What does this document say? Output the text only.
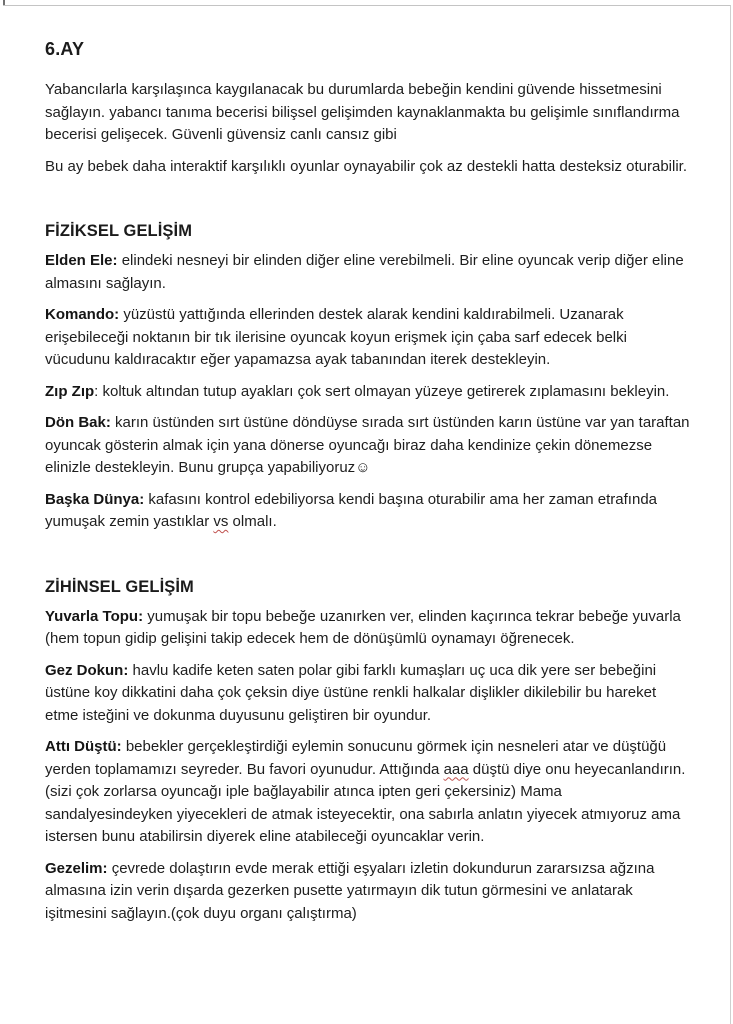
6.AY

Yabancılarla karşılaşınca kaygılanacak bu durumlarda bebeğin kendini güvende hissetmesini sağlayın. yabancı tanıma becerisi bilişsel gelişimden kaynaklanmakta bu gelişimle sınıflandırma becerisi gelişecek. Güvenli güvensiz canlı cansız gibi

Bu ay bebek daha interaktif karşılıklı oyunlar oynayabilir çok az destekli hatta desteksiz oturabilir.

FİZİKSEL GELİŞİM

Elden Ele: elindeki nesneyi bir elinden diğer eline verebilmeli. Bir eline oyuncak verip diğer eline almasını sağlayın.

Komando: yüzüstü yattığında ellerinden destek alarak kendini kaldırabilmeli. Uzanarak erişebileceği noktanın bir tık ilerisine oyuncak koyun erişmek için çaba sarf edecek belki vücudunu kaldıracaktır eğer yapamazsa ayak tabanından iterek destekleyin.

Zıp Zıp: koltuk altından tutup ayakları çok sert olmayan yüzeye getirerek zıplamasını bekleyin.

Dön Bak: karın üstünden sırt üstüne döndüyse sırada sırt üstünden karın üstüne var yan taraftan oyuncak gösterin almak için yana dönerse oyuncağı biraz daha kendinize çekin dönemezse elinizle destekleyin. Bunu grupça yapabiliyoruz☺

Başka Dünya: kafasını kontrol edebiliyorsa kendi başına oturabilir ama her zaman etrafında yumuşak zemin yastıklar vs olmalı.

ZİHİNSEL GELİŞİM

Yuvarla Topu: yumuşak bir topu bebeğe uzanırken ver, elinden kaçırınca tekrar bebeğe yuvarla (hem topun gidip gelişini takip edecek hem de dönüşümlü oynamayı öğrenecek.

Gez Dokun: havlu kadife keten saten polar gibi farklı kumaşları uç uca dik yere ser bebeğini üstüne koy dikkatini daha çok çeksin diye üstüne renkli halkalar dişlikler dikilebilir bu hareket etme isteğini ve dokunma duyusunu geliştiren bir oyundur.

Attı Düştü: bebekler gerçekleştirdiği eylemin sonucunu görmek için nesneleri atar ve düştüğü yerden toplamamızı seyreder. Bu favori oyunudur. Attığında aaa düştü diye onu heyecanlandırın. (sizi çok zorlarsa oyuncağı iple bağlayabilir atınca ipten geri çekersiniz) Mama sandalyesindeyken yiyecekleri de atmak isteyecektir, ona sabırla anlatın yiyecek atmıyoruz ama istersen bunu atabilirsin diyerek eline atabileceği oyuncaklar verin.

Gezelim: çevrede dolaştırın evde merak ettiği eşyaları izletin dokundurun zararsızsa ağzına almasına izin verin dışarda gezerken pusette yatırmayın dik tutun görmesini ve anlatarak işitmesini sağlayın.(çok duyu organı çalıştırma)
